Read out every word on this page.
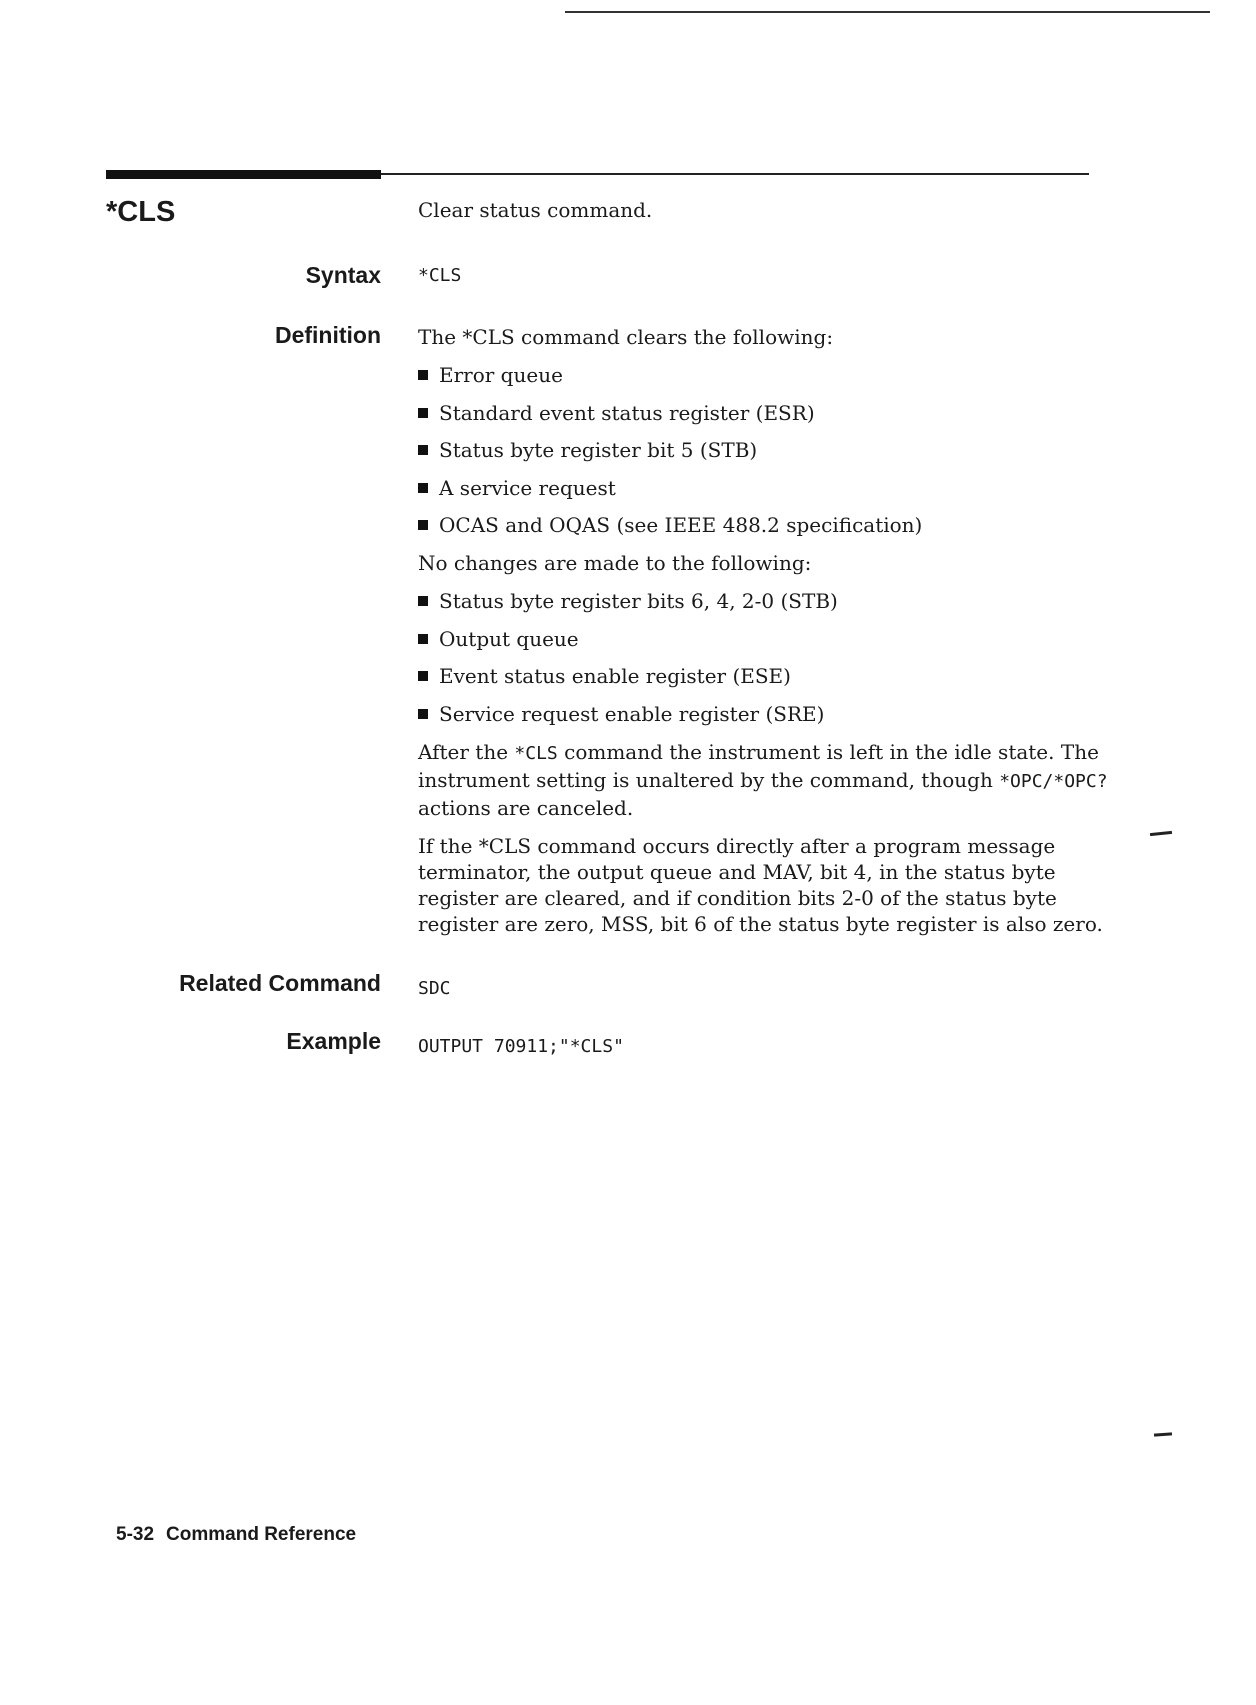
*CLS	Clear status command.
Syntax *CLS
Definition The *CLS command clears the following:

Error queue
Standard event status register (ESR)
Status byte register bit 5 (STB)
A service request
OCAS and OQAS (see IEEE 488.2 specification)

No changes are made to the following:

Status byte register bits 6, 4, 2-0 (STB)
Output queue
Event status enable register (ESE)
Service request enable register (SRE)

After the *CLS command the instrument is left in the idle state. The instrument setting is unaltered by the command, though *OPC/*OPC? actions are canceled.

If the *CLS command occurs directly after a program message terminator, the output queue and MAV, bit 4, in the status byte register are cleared, and if condition bits 2-0 of the status byte register are zero, MSS, bit 6 of the status byte register is also zero.

Related Command SDC
Example OUTPUT 70911;"*CLS"
5-32 Command Reference
